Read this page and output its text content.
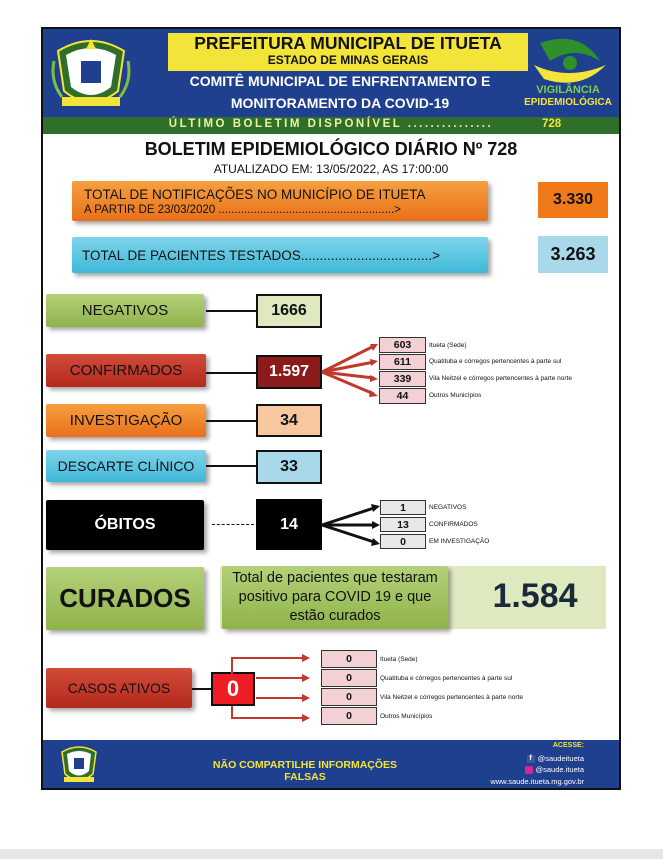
PREFEITURA MUNICIPAL DE ITUETA
ESTADO DE MINAS GERAIS
COMITÊ MUNICIPAL DE ENFRENTAMENTO E
MONITORAMENTO DA COVID-19
VIGILÂNCIA
EPIDEMIOLÓGICA
ÚLTIMO BOLETIM DISPONÍVEL ...............	728
BOLETIM EPIDEMIOLÓGICO DIÁRIO Nº 728
ATUALIZADO EM: 13/05/2022, AS 17:00:00
TOTAL DE NOTIFICAÇÕES NO MUNICÍPIO DE ITUETA
A PARTIR DE 23/03/2020 .......................................................>
3.330
TOTAL DE PACIENTES TESTADOS...................................>	3.263
NEGATIVOS	1666
CONFIRMADOS	1.597
603	Itueta (Sede)
611	Quatituba e córregos pertencentes à parte sul
339	Vila Neitzel e córregos pertencentes à parte norte
44	Outros Municípios
INVESTIGAÇÃO	34
DESCARTE CLÍNICO	33
ÓBITOS	14
1	NEGATIVOS
13	CONFIRMADOS
0	EM INVESTIGAÇÃO
CURADOS
Total de pacientes que testaram positivo para COVID 19 e que estão curados
1.584
CASOS ATIVOS	0
0	Itueta (Sede)
0	Quatituba e córregos pertencentes à parte sul
0	Vila Neitzel e córregos pertencentes à parte norte
0	Outros Municípios
NÃO COMPARTILHE INFORMAÇÕES FALSAS
ACESSE:
f @saudeitueta
@saude.itueta
www.saude.itueta.mg.gov.br
